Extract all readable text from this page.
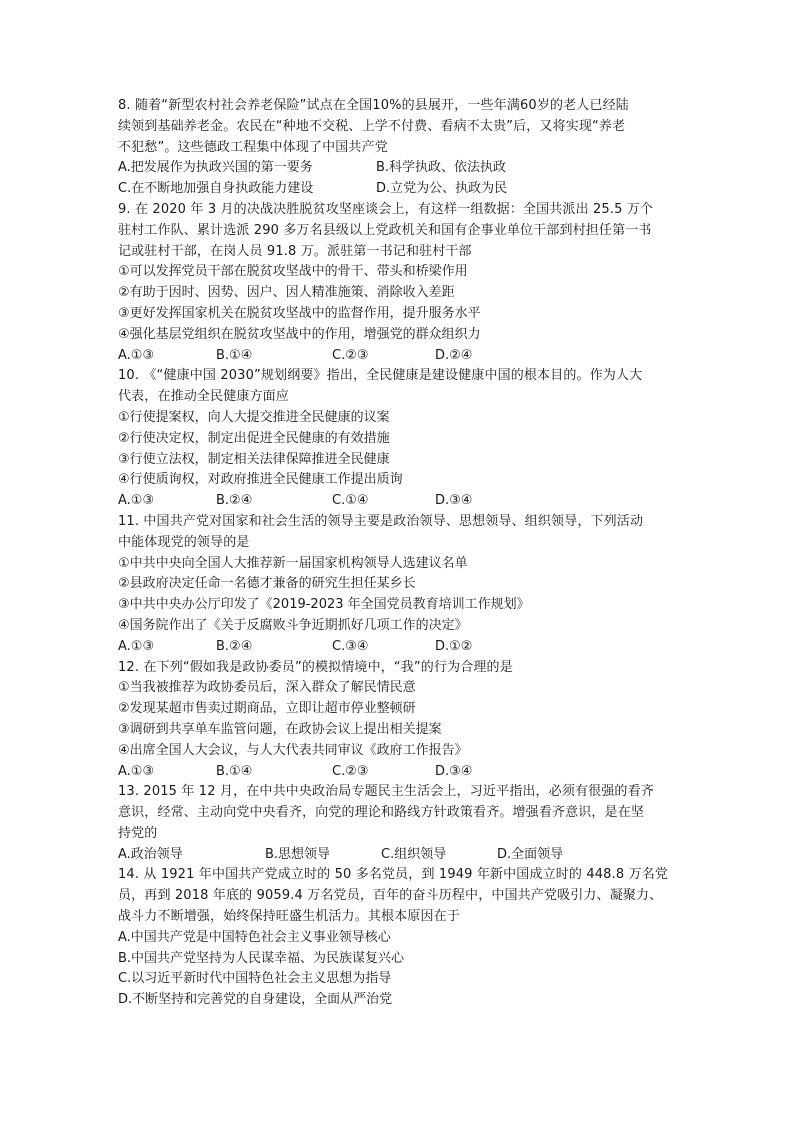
8. 随着“新型农村社会养老保险”试点在全国10%的县展开，一些年满60岁的老人已经陆
续领到基础养老金。农民在“种地不交税、上学不付费、看病不太贵”后，又将实现“养老
不犯愁”。这些德政工程集中体现了中国共产党
A.把发展作为执政兴国的第一要务	B.科学执政、依法执政
C.在不断地加强自身执政能力建设	D.立党为公、执政为民
9. 在 2020 年 3 月的决战决胜脱贫攻坚座谈会上，有这样一组数据：全国共派出 25.5 万个
驻村工作队、累计选派 290 多万名县级以上党政机关和国有企事业单位干部到村担任第一书
记或驻村干部，在岗人员 91.8 万。派驻第一书记和驻村干部
①可以发挥党员干部在脱贫攻坚战中的骨干、带头和桥梁作用
②有助于因时、因势、因户、因人精准施策、消除收入差距
③更好发挥国家机关在脱贫攻坚战中的监督作用，提升服务水平
④强化基层党组织在脱贫攻坚战中的作用，增强党的群众组织力
A.①③	B.①④	C.②③	D.②④
10. 《“健康中国 2030”规划纲要》指出，全民健康是建设健康中国的根本目的。作为人大
代表，在推动全民健康方面应
①行使提案权，向人大提交推进全民健康的议案
②行使决定权，制定出促进全民健康的有效措施
③行使立法权，制定相关法律保障推进全民健康
④行使质询权，对政府推进全民健康工作提出质询
A.①③	B.②④	C.①④	D.③④
11. 中国共产党对国家和社会生活的领导主要是政治领导、思想领导、组织领导，下列活动
中能体现党的领导的是
①中共中央向全国人大推荐新一届国家机构领导人选建议名单
②县政府决定任命一名德才兼备的研究生担任某乡长
③中共中央办公厅印发了《2019-2023 年全国党员教育培训工作规划》
④国务院作出了《关于反腐败斗争近期抓好几项工作的决定》
A.①③	B.②④	C.③④	D.①②
12. 在下列“假如我是政协委员”的模拟情境中，“我”的行为合理的是
①当我被推荐为政协委员后，深入群众了解民情民意
②发现某超市售卖过期商品，立即让超市停业整顿研
③调研到共享单车监管问题，在政协会议上提出相关提案
④出席全国人大会议，与人大代表共同审议《政府工作报告》
A.①③	B.①④	C.②③	D.③④
13. 2015 年 12 月，在中共中央政治局专题民主生活会上，习近平指出，必须有很强的看齐
意识，经常、主动向党中央看齐，向党的理论和路线方针政策看齐。增强看齐意识，是在坚
持党的
A.政治领导	B.思想领导	C.组织领导	D.全面领导
14. 从 1921 年中国共产党成立时的 50 多名党员，到 1949 年新中国成立时的 448.8 万名党
员，再到 2018 年底的 9059.4 万名党员，百年的奋斗历程中，中国共产党吸引力、凝聚力、
战斗力不断增强，始终保持旺盛生机活力。其根本原因在于
A.中国共产党是中国特色社会主义事业领导核心
B.中国共产党坚持为人民谋幸福、为民族谋复兴心
C.以习近平新时代中国特色社会主义思想为指导
D.不断坚持和完善党的自身建设，全面从严治党
